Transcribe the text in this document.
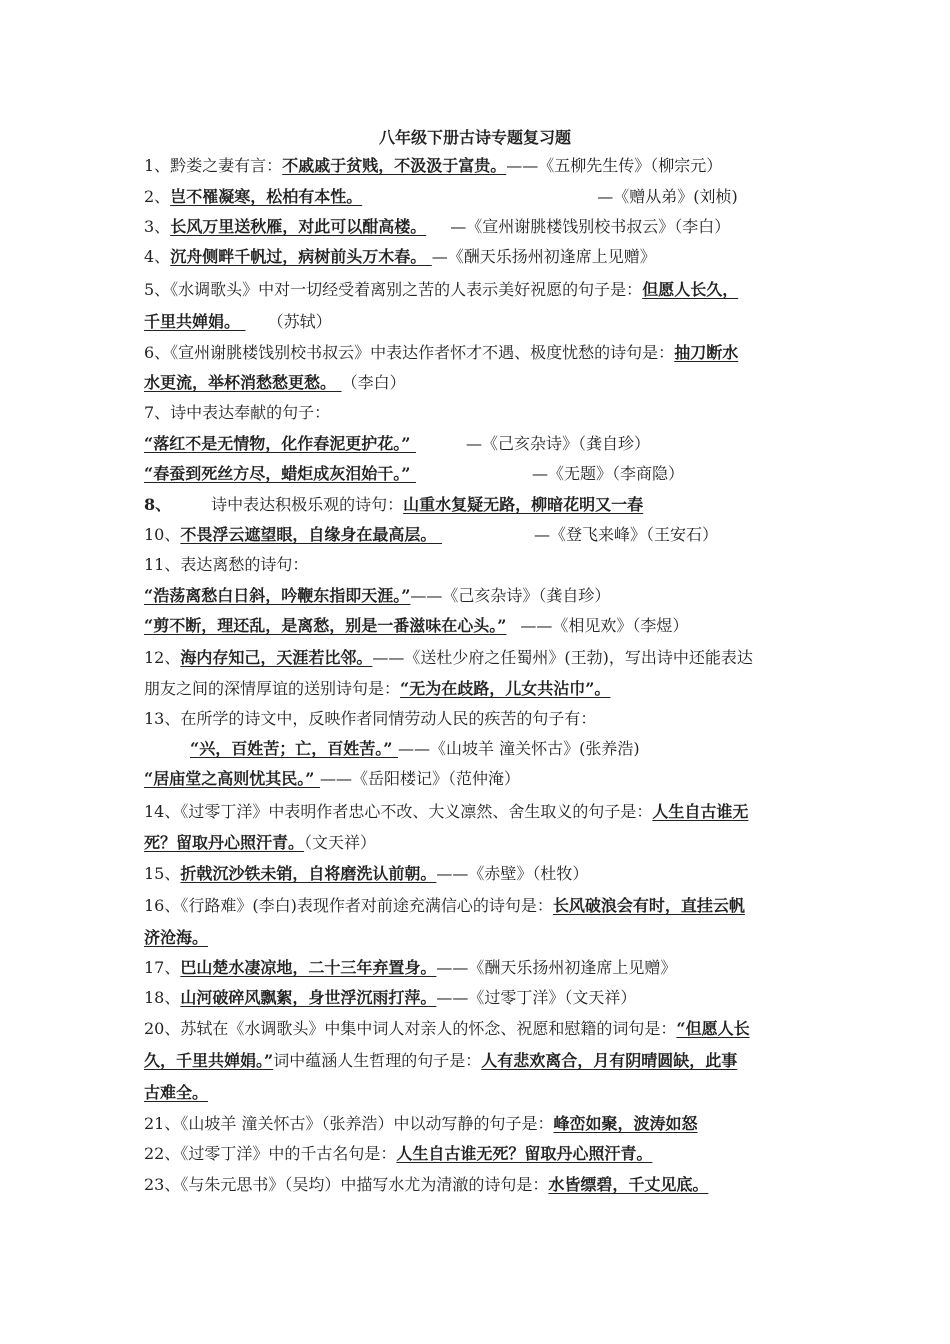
八年级下册古诗专题复习题
1、黔娄之妻有言：不戚戚于贫贱，不汲汲于富贵。——《五柳先生传》（柳宗元）
2、岂不罹凝寒，松柏有本性。	—《赠从弟》(刘桢)
3、长风万里送秋雁，对此可以酣高楼。 —《宣州谢朓楼饯别校书叔云》（李白）
4、沉舟侧畔千帆过，病树前头万木春。 —《酬天乐扬州初逢席上见赠》
5、《水调歌头》中对一切经受着离别之苦的人表示美好祝愿的句子是：但愿人长久，
千里共婵娟。 （苏轼）
6、《宣州谢朓楼饯别校书叔云》中表达作者怀才不遇、极度忧愁的诗句是：抽刀断水
水更流，举杯消愁愁更愁。 （李白）
7、诗中表达奉献的句子：
“落红不是无情物，化作春泥更护花。”	—《己亥杂诗》（龚自珍）
“春蚕到死丝方尽，蜡炬成灰泪始干。”	—《无题》（李商隐）
8、	诗中表达积极乐观的诗句：山重水复疑无路，柳暗花明又一春
10、不畏浮云遮望眼，自缘身在最高层。	—《登飞来峰》（王安石）
11、表达离愁的诗句：
“浩荡离愁白日斜，吟鞭东指即天涯。”——《己亥杂诗》（龚自珍）
“剪不断，理还乱，是离愁，别是一番滋味在心头。” ——《相见欢》（李煜）
12、海内存知己，天涯若比邻。——《送杜少府之任蜀州》(王勃)，写出诗中还能表达
朋友之间的深情厚谊的送别诗句是：“无为在歧路，儿女共沾巾”。
13、在所学的诗文中，反映作者同情劳动人民的疾苦的句子有：
“兴，百姓苦；亡，百姓苦。” ——《山坡羊 潼关怀古》(张养浩)
“居庙堂之高则忧其民。” ——《岳阳楼记》（范仲淹）
14、《过零丁洋》中表明作者忠心不改、大义凛然、舍生取义的句子是：人生自古谁无
死？留取丹心照汗青。（文天祥）
15、折戟沉沙铁未销，自将磨洗认前朝。——《赤壁》（杜牧）
16、《行路难》(李白)表现作者对前途充满信心的诗句是：长风破浪会有时，直挂云帆
济沧海。
17、巴山楚水凄凉地，二十三年弃置身。——《酬天乐扬州初逢席上见赠》
18、山河破碎风飘絮，身世浮沉雨打萍。——《过零丁洋》（文天祥）
20、苏轼在《水调歌头》中集中词人对亲人的怀念、祝愿和慰籍的词句是：“但愿人长
久，千里共婵娟。”词中蕴涵人生哲理的句子是：人有悲欢离合，月有阴晴圆缺，此事
古难全。
21、《山坡羊 潼关怀古》（张养浩）中以动写静的句子是：峰峦如聚，波涛如怒
22、《过零丁洋》中的千古名句是：人生自古谁无死？留取丹心照汗青。
23、《与朱元思书》（吴均）中描写水尤为清澈的诗句是：水皆缥碧，千丈见底。
